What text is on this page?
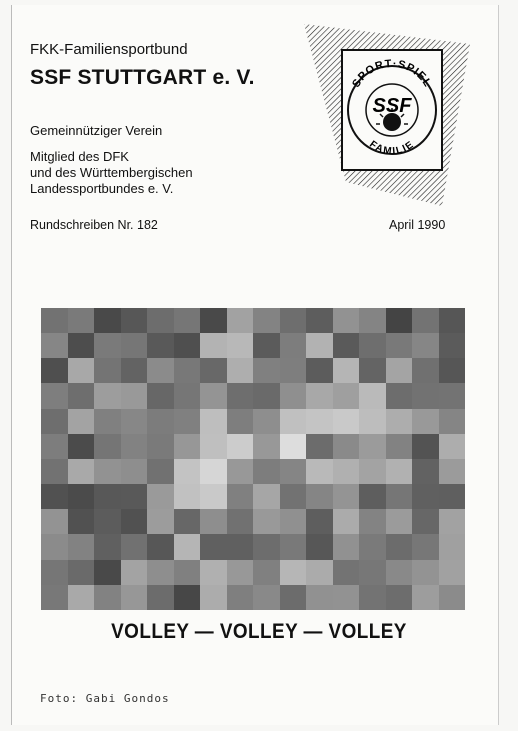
FKK-Familiensportbund
SSF STUTTGART e. V.
Gemeinnütziger Verein
Mitglied des DFK
und des Württembergischen
Landessportbundes e. V.
Rundschreiben Nr. 182	April 1990
SPORT·SPIEL
FAMILIE
SSF
VOLLEY — VOLLEY — VOLLEY
Foto: Gabi Gondos
